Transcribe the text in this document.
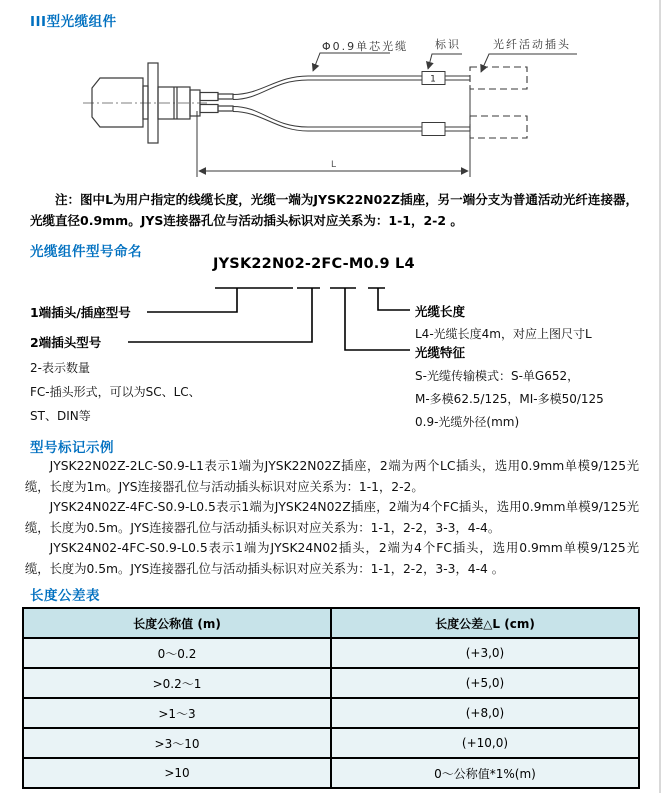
III型光缆组件
1
L
Φ0.9单芯光缆 标识	光纤活动插头
注：图中L为用户指定的线缆长度，光缆一端为JYSK22N02Z插座，另一端分支为普通活动光纤连接器，光缆直径0.9mm。JYS连接器孔位与活动插头标识对应关系为：1-1，2-2 。
光缆组件型号命名
JYSK22N02-2FC-M0.9 L4
1端插头/插座型号
2端插头型号
2-表示数量
FC-插头形式，可以为SC、LC、
ST、DIN等
光缆长度
L4-光缆长度4m，对应上图尺寸L
光缆特征
S-光缆传输模式：S-单G652，
M-多模62.5/125，MI-多模50/125
0.9-光缆外径(mm)
型号标记示例

JYSK22N02Z-2LC-S0.9-L1表示1端为JYSK22N02Z插座，2端为两个LC插头，选用0.9mm单模9/125光缆，长度为1m。JYS连接器孔位与活动插头标识对应关系为：1-1，2-2。

JYSK24N02Z-4FC-S0.9-L0.5表示1端为JYSK24N02Z插座，2端为4个FC插头，选用0.9mm单模9/125光缆，长度为0.5m。JYS连接器孔位与活动插头标识对应关系为：1-1，2-2，3-3，4-4。

JYSK24N02-4FC-S0.9-L0.5表示1端为JYSK24N02插头，2端为4个FC插头，选用0.9mm单模9/125光缆，长度为0.5m。JYS连接器孔位与活动插头标识对应关系为：1-1，2-2，3-3，4-4 。

长度公差表
长度公称值 (m)	长度公差△L (cm)
0～0.2	(+3,0)
>0.2～1	(+5,0)
>1～3	(+8,0)
>3～10	(+10,0)
>10	0～公称值*1%(m)
